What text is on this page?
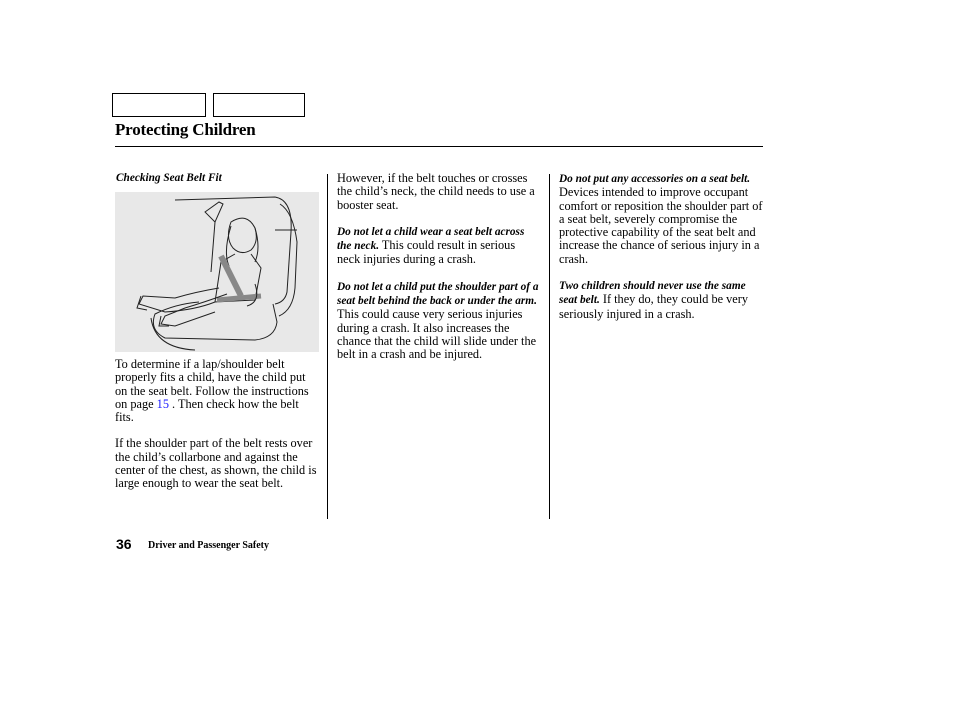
Protecting Children
Checking Seat Belt Fit

To determine if a lap/shoulder belt properly fits a child, have the child put on the seat belt. Follow the instructions on page 15 . Then check how the belt fits.

If the shoulder part of the belt rests over the child’s collarbone and against the center of the chest, as shown, the child is large enough to wear the seat belt.

However, if the belt touches or crosses the child’s neck, the child needs to use a booster seat.

Do not let a child wear a seat belt across the neck. This could result in serious neck injuries during a crash.

Do not let a child put the shoulder part of a seat belt behind the back or under the arm. This could cause very serious injuries during a crash. It also increases the chance that the child will slide under the belt in a crash and be injured.

Do not put any accessories on a seat belt. Devices intended to improve occupant comfort or reposition the shoulder part of a seat belt, severely compromise the protective capability of the seat belt and increase the chance of serious injury in a crash.

Two children should never use the same seat belt. If they do, they could be very seriously injured in a crash.

36 Driver and Passenger Safety
